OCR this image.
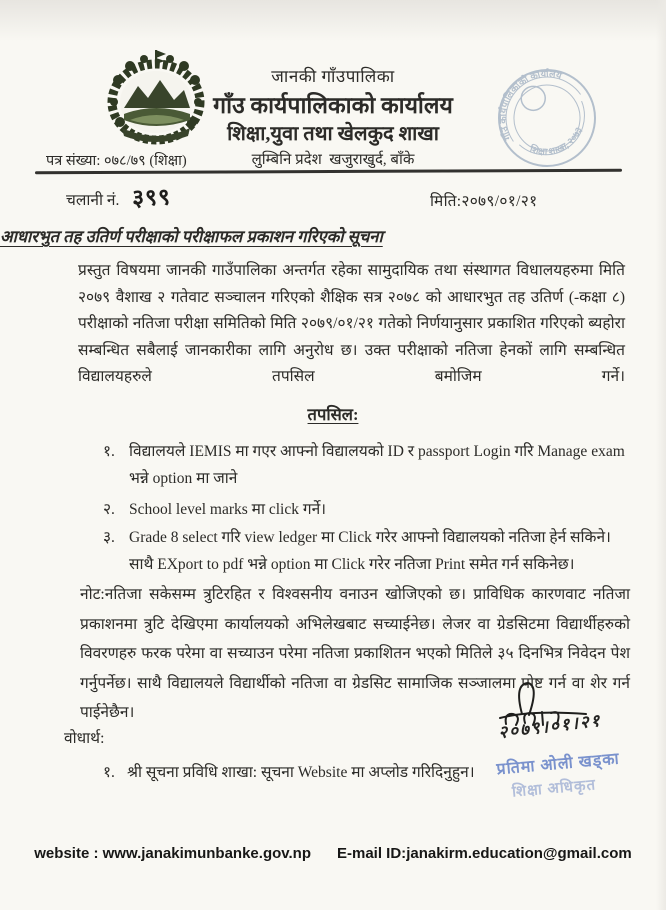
गाँउ कार्यपालिकाको कार्यालय
शिक्षा शाखा, २०७३
जानकी गाँउपालिका
गाँउ कार्यपालिकाको कार्यालय
शिक्षा,युवा तथा खेलकुद शाखा
लुम्बिनि प्रदेश  खजुराखुर्द, बाँके
पत्र संख्या: ०७८/७९ (शिक्षा)
चलानी नं. ३९९	मिति:२०७९/०१/२१
आधारभुत तह उतिर्ण परीक्षाको परीक्षाफल प्रकाशन गरिएको सूचना
प्रस्तुत विषयमा जानकी गाउँपालिका अन्तर्गत रहेका सामुदायिक तथा संस्थागत विधालयहरुमा मिति २०७९ वैशाख २ गतेवाट सञ्चालन गरिएको शैक्षिक सत्र २०७८ को आधारभुत तह उतिर्ण (-कक्षा ८) परीक्षाको नतिजा परीक्षा समितिको मिति २०७९/०१/२१ गतेको निर्णयानुसार प्रकाशित गरिएको ब्यहोरा सम्बन्धित सबैलाई जानकारीका लागि अनुरोध छ। उक्त परीक्षाको नतिजा हेनकों लागि सम्बन्धित विद्यालयहरुले तपसिल बमोजिम गर्ने।
तपसिल:
१. विद्यालयले IEMIS मा गएर आफ्नो विद्यालयको ID र passport Login गरि Manage exam भन्ने option मा जाने
२. School level marks मा click गर्ने।
३. Grade 8 select गरि view ledger मा Click गरेर आफ्नो विद्यालयको नतिजा हेर्न सकिने। साथै EXport to pdf भन्ने option मा Click गरेर नतिजा Print समेत गर्न सकिनेछ।
नोट:नतिजा सकेसम्म त्रुटिरहित र विश्वसनीय वनाउन खोजिएको छ। प्राविधिक कारणवाट नतिजा प्रकाशनमा त्रुटि देखिएमा कार्यालयको अभिलेखबाट सच्याईनेछ। लेजर वा ग्रेडसिटमा विद्यार्थीहरुको विवरणहरु फरक परेमा वा सच्याउन परेमा नतिजा प्रकाशितन भएको मितिले ३५ दिनभित्र निवेदन पेश गर्नुपर्नेछ। साथै विद्यालयले विद्यार्थीको नतिजा वा ग्रेडसिट सामाजिक सञ्जालमा पोष्ट गर्न वा शेर गर्न पाईनेछैन।
वोधार्थ:
१. श्री सूचना प्रविधि शाखा: सूचना Website मा अप्लोड गरिदिनुहुन।
२०७९।०१।२१
प्रतिमा ओली खड्का
शिक्षा अधिकृत
website : www.janakimunbanke.gov.np E-mail ID:janakirm.education@gmail.com
